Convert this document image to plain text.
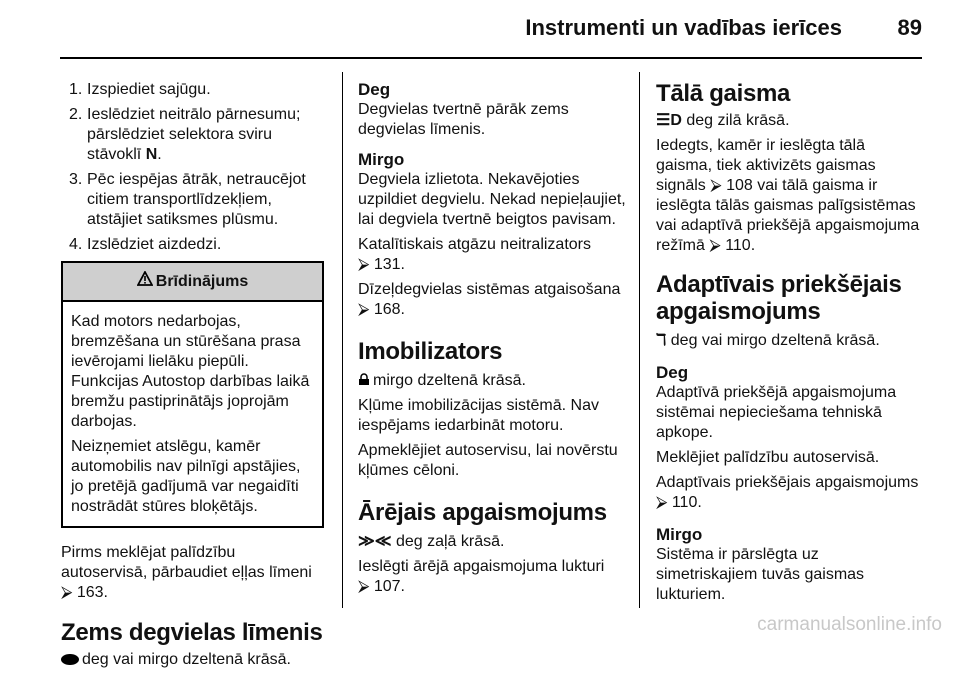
Instrumenti un vadības ierīces	89
1. Izspiediet sajūgu.
2. Ieslēdziet neitrālo pārnesumu; pārslēdziet selektora sviru stāvoklī N.
3. Pēc iespējas ātrāk, netraucējot citiem transportlīdzekļiem, atstājiet satiksmes plūsmu.
4. Izslēdziet aizdedzi.
Brīdinājums

Kad motors nedarbojas, bremzēšana un stūrēšana prasa ievērojami lielāku piepūli. Funkcijas Autostop darbības laikā bremžu pastiprinātājs joprojām darbojas.

Neizņemiet atslēgu, kamēr automobilis nav pilnīgi apstājies, jo pretējā gadījumā var negaidīti nostrādāt stūres bloķētājs.

Pirms meklējat palīdzību autoservisā, pārbaudiet eļļas līmeni ⮚ 163.

Zems degvielas līmenis

deg vai mirgo dzeltenā krāsā.

Deg

Degvielas tvertnē pārāk zems degvielas līmenis.

Mirgo

Degviela izlietota. Nekavējoties uzpildiet degvielu. Nekad nepieļaujiet, lai degviela tvertnē beigtos pavisam.

Katalītiskais atgāzu neitralizators
⮚ 131.

Dīzeļdegvielas sistēmas atgaisošana
⮚ 168.

Imobilizators

mirgo dzeltenā krāsā.

Kļūme imobilizācijas sistēmā. Nav iespējams iedarbināt motoru.

Apmeklējiet autoservisu, lai novērstu kļūmes cēloni.

Ārējais apgaismojums

≫≪ deg zaļā krāsā.

Ieslēgti ārējā apgaismojuma lukturi
⮚ 107.

Tālā gaisma

☰D deg zilā krāsā.

Iedegts, kamēr ir ieslēgta tālā gaisma, tiek aktivizēts gaismas signāls ⮚ 108 vai tālā gaisma ir ieslēgta tālās gaismas palīgsistēmas vai adaptīvā priekšējā apgaismojuma režīmā ⮚ 110.

Adaptīvais priekšējais apgaismojums

ℸ deg vai mirgo dzeltenā krāsā.

Deg

Adaptīvā priekšējā apgaismojuma sistēmai nepieciešama tehniskā apkope.

Meklējiet palīdzību autoservisā.

Adaptīvais priekšējais apgaismojums
⮚ 110.

Mirgo

Sistēma ir pārslēgta uz simetriskajiem tuvās gaismas lukturiem.

carmanualsonline.info
